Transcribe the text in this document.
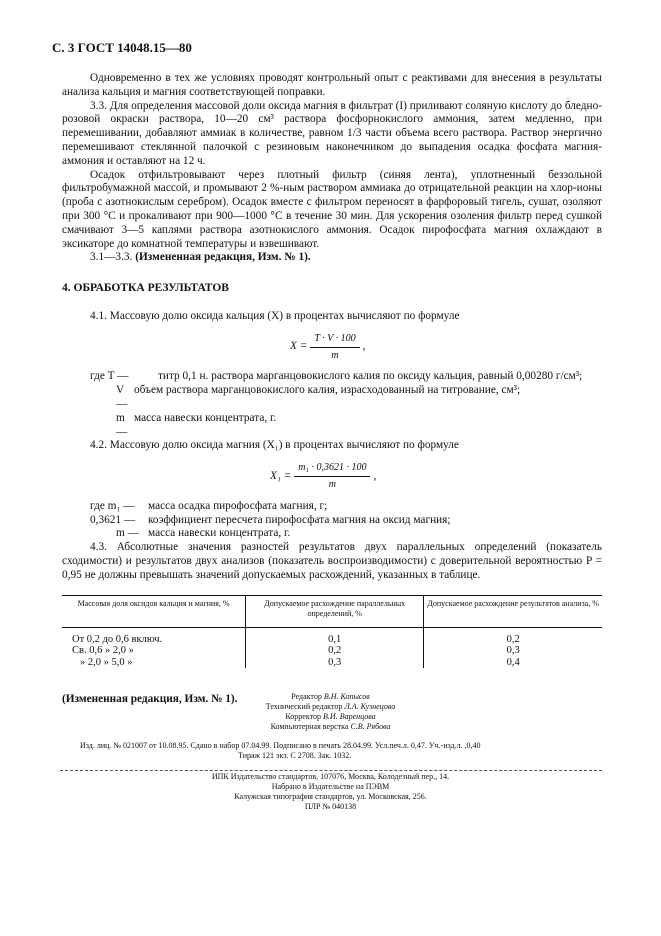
С. 3 ГОСТ 14048.15—80

Одновременно в тех же условиях проводят контрольный опыт с реактивами для внесения в результаты анализа кальция и магния соответствующей поправки.

3.3. Для определения массовой доли оксида магния в фильтрат (I) приливают соляную кислоту до бледно-розовой окраски раствора, 10—20 см³ раствора фосфорнокислого аммония, затем медленно, при перемешивании, добавляют аммиак в количестве, равном 1/3 части объема всего раствора. Раствор энергично перемешивают стеклянной палочкой с резиновым наконечником до выпадения осадка фосфата магния-аммония и оставляют на 12 ч.

Осадок отфильтровывают через плотный фильтр (синяя лента), уплотненный беззольной фильтробумажной массой, и промывают 2 %-ным раствором аммиака до отрицательной реакции на хлор-ионы (проба с азотнокислым серебром). Осадок вместе с фильтром переносят в фарфоровый тигель, сушат, озоляют при 300 °С и прокаливают при 900—1000 °С в течение 30 мин. Для ускорения озоления фильтр перед сушкой смачивают 3—5 каплями раствора азотнокислого аммония. Осадок пирофосфата магния охлаждают в эксикаторе до комнатной температуры и взвешивают.

3.1—3.3. (Измененная редакция, Изм. № 1).

4. ОБРАБОТКА РЕЗУЛЬТАТОВ

4.1. Массовую долю оксида кальция (X) в процентах вычисляют по формуле

$X = \frac{T \cdot V \cdot 100}{m}$ ,
где T —	титр 0,1 н. раствора марганцовокислого калия по оксиду кальция, равный 0,00280 г/см³;
V —
объем раствора марганцовокислого калия, израсходованный на титрование, см³;
m —
масса навески концентрата, г.

4.2. Массовую долю оксида магния (X₁) в процентах вычисляют по формуле

$X_1 = \frac{\text{m₁ · 0,3621 · 100}}{m}$ ,
где m₁ —	масса осадка пирофосфата магния, г;
0,3621 —	коэффициент пересчета пирофосфата магния на оксид магния;
m — масса навески концентрата, г.

4.3. Абсолютные значения разностей результатов двух параллельных определений (показатель сходимости) и результатов двух анализов (показатель воспроизводимости) с доверительной вероятностью P = 0,95 не должны превышать значений допускаемых расхождений, указанных в таблице.

Массовая доля оксидов кальция и магния, %	Допускаемое расхождение параллельных определений, %	Допускаемое расхождение результатов анализа, %
От 0,2 до 0,6 включ.	0,1	0,2
Св. 0,6 » 2,0 »	0,2	0,3
» 2,0 » 5,0 »	0,3	0,4

(Измененная редакция, Изм. № 1).	Редактор В.Н. Копысов
Технический редактор Л.А. Кузнецова
Корректор В.И. Варенцова
Компьютерная верстка С.В. Рябова
Изд. лиц. № 021007 от 10.08.95. Сдано в набор 07.04.99. Подписано в печать 28.04.99. Усл.печ.л. 0,47. Уч.-изд.л. ,0,40
Тираж 121 экз. С 2708. Зак. 1032.
ИПК Издательство стандартов, 107076, Москва, Колодезный пер., 14.
Набрано в Издательстве на ПЭВМ
Калужская типография стандартов, ул. Московская, 256.
ПЛР № 040138
